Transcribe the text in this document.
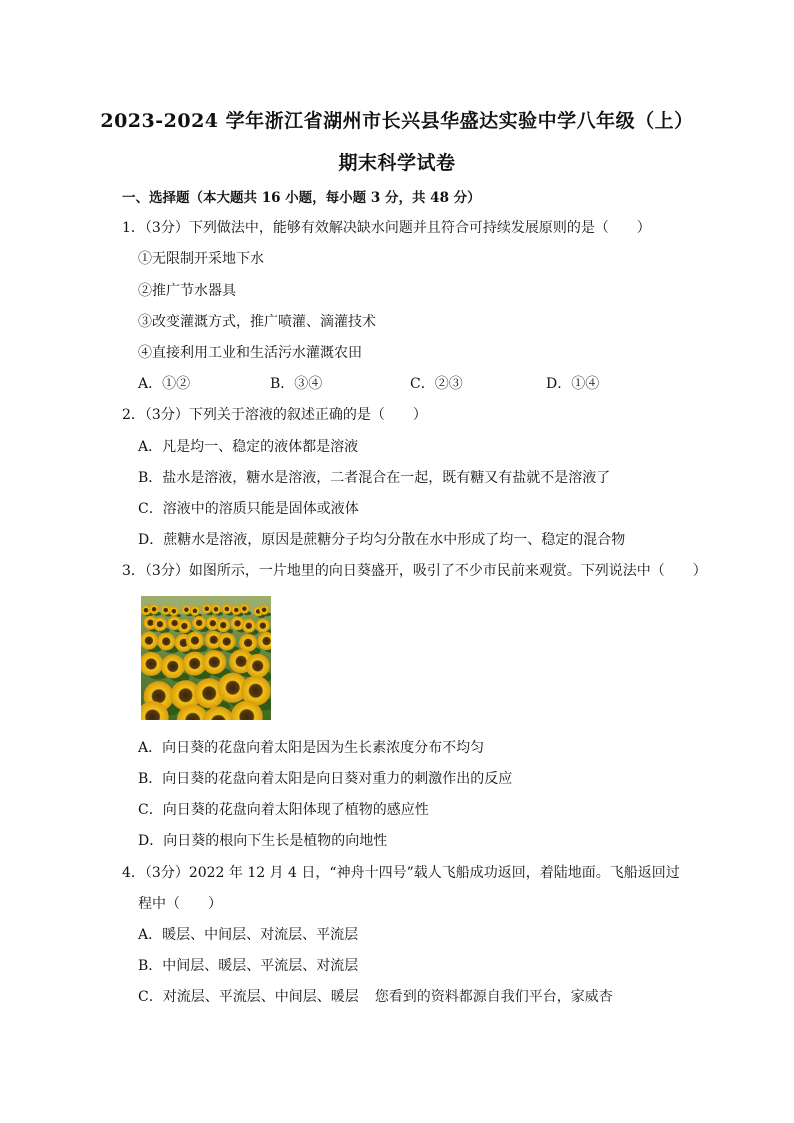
2023-2024 学年浙江省湖州市长兴县华盛达实验中学八年级（上）
期末科学试卷
一、选择题（本大题共 16 小题，每小题 3 分，共 48 分）
1．（3分）下列做法中，能够有效解决缺水问题并且符合可持续发展原则的是（　　）
①无限制开采地下水
②推广节水器具
③改变灌溉方式，推广喷灌、滴灌技术
④直接利用工业和生活污水灌溉农田
A．①②	B．③④	C．②③	D．①④
2．（3分）下列关于溶液的叙述正确的是（　　）
A．凡是均一、稳定的液体都是溶液
B．盐水是溶液，糖水是溶液，二者混合在一起，既有糖又有盐就不是溶液了
C．溶液中的溶质只能是固体或液体
D．蔗糖水是溶液，原因是蔗糖分子均匀分散在水中形成了均一、稳定的混合物
3．（3分）如图所示，一片地里的向日葵盛开，吸引了不少市民前来观赏。下列说法中（　　）
A．向日葵的花盘向着太阳是因为生长素浓度分布不均匀
B．向日葵的花盘向着太阳是向日葵对重力的刺激作出的反应
C．向日葵的花盘向着太阳体现了植物的感应性
D．向日葵的根向下生长是植物的向地性
4．（3分）2022 年 12 月 4 日，“神舟十四号”载人飞船成功返回，着陆地面。飞船返回过
程中（　　）
A．暖层、中间层、对流层、平流层
B．中间层、暖层、平流层、对流层
C．对流层、平流层、中间层、暖层 您看到的资料都源自我们平台，家威杏
